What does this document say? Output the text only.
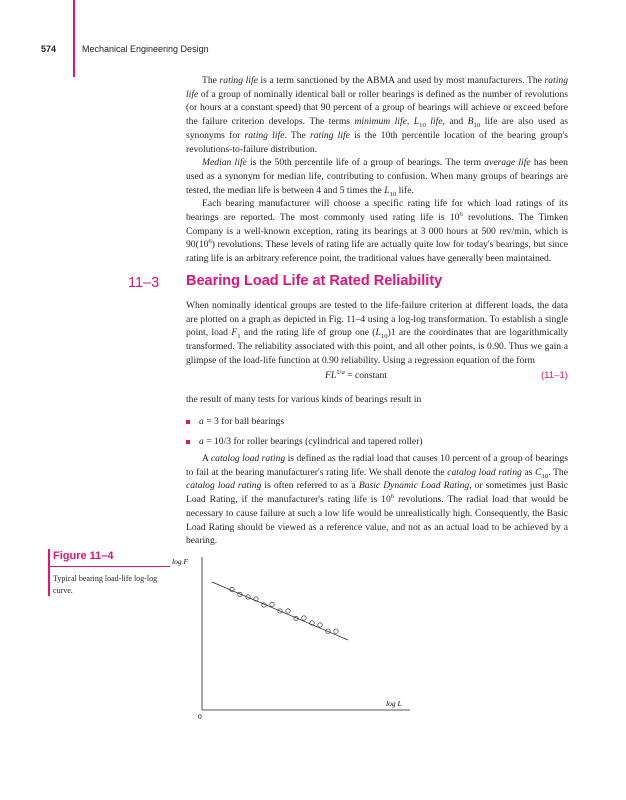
574	Mechanical Engineering Design

The rating life is a term sanctioned by the ABMA and used by most manufacturers. The rating life of a group of nominally identical ball or roller bearings is defined as the number of revolutions (or hours at a constant speed) that 90 percent of a group of bearings will achieve or exceed before the failure criterion develops. The terms minimum life, $L_{10}$ life, and $B_{10}$ life are also used as synonyms for rating life. The rating life is the 10th percentile location of the bearing group's revolutions-to-failure distribution.

Median life is the 50th percentile life of a group of bearings. The term average life has been used as a synonym for median life, contributing to confusion. When many groups of bearings are tested, the median life is between 4 and 5 times the $L_{10}$ life.

Each bearing manufacturer will choose a specific rating life for which load ratings of its bearings are reported. The most commonly used rating life is $10^6$ revolutions. The Timken Company is a well-known exception, rating its bearings at 3 000 hours at 500 rev/min, which is $90(10^6)$ revolutions. These levels of rating life are actually quite low for today's bearings, but since rating life is an arbitrary reference point, the traditional values have generally been maintained.

11–3 Bearing Load Life at Rated Reliability

When nominally identical groups are tested to the life-failure criterion at different loads, the data are plotted on a graph as depicted in Fig. 11–4 using a log-log transformation. To establish a single point, load $F_1$ and the rating life of group one $(L_{10})1$ are the coordinates that are logarithmically transformed. The reliability associated with this point, and all other points, is 0.90. Thus we gain a glimpse of the load-life function at 0.90 reliability. Using a regression equation of the form

$FL^{1/a}$ = constant	(11–1)

the result of many tests for various kinds of bearings result in

a = 3 for ball bearings
a = 10/3 for roller bearings (cylindrical and tapered roller)

A catalog load rating is defined as the radial load that causes 10 percent of a group of bearings to fail at the bearing manufacturer's rating life. We shall denote the catalog load rating as $C_{10}$. The catalog load rating is often referred to as a Basic Dynamic Load Rating, or sometimes just Basic Load Rating, if the manufacturer's rating life is $10^6$ revolutions. The radial load that would be necessary to cause failure at such a low life would be unrealistically high. Consequently, the Basic Load Rating should be viewed as a reference value, and not as an actual load to be achieved by a bearing.

Figure 11–4
Typical bearing load-life log-log curve.
log F
log L
0
